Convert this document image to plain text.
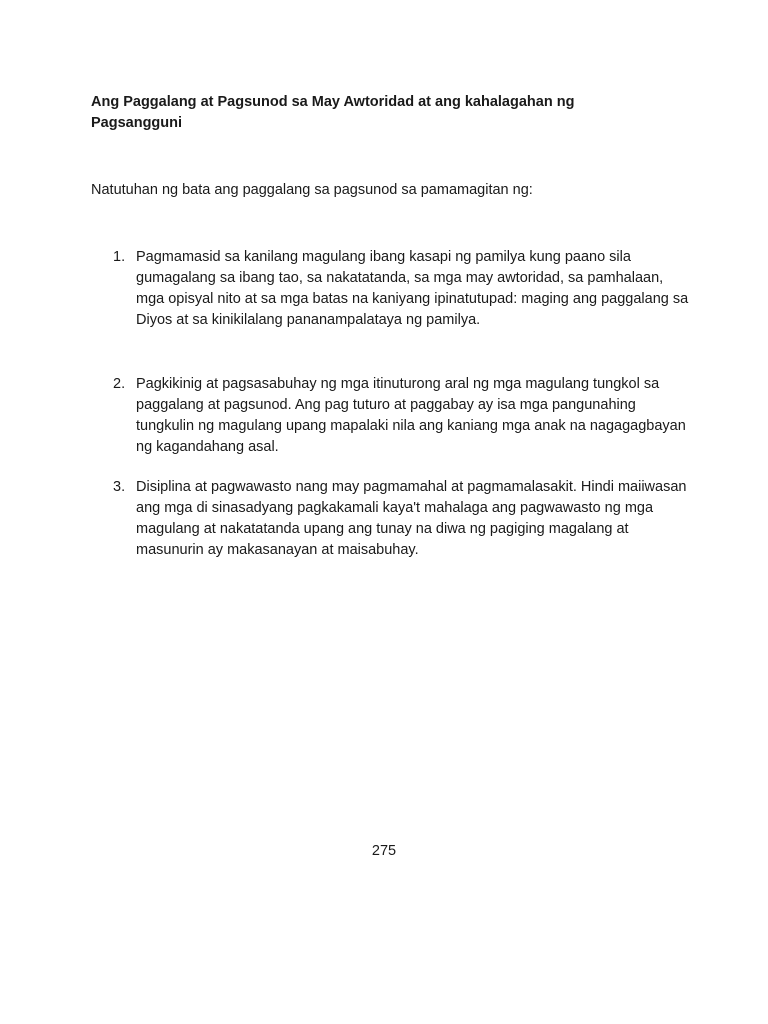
Ang Paggalang at Pagsunod sa May Awtoridad at ang kahalagahan ng Pagsangguni

Natutuhan ng bata ang paggalang sa pagsunod sa pamamagitan ng:

1. Pagmamasid sa kanilang magulang ibang kasapi ng pamilya kung paano sila gumagalang sa ibang tao, sa nakatatanda, sa mga may awtoridad, sa pamhalaan, mga opisyal nito at sa mga batas na kaniyang ipinatutupad: maging ang paggalang sa Diyos at sa kinikilalang pananampalataya ng pamilya.
2. Pagkikinig at pagsasabuhay ng mga itinuturong aral ng mga magulang tungkol sa paggalang at pagsunod. Ang pag tuturo at paggabay ay isa mga pangunahing tungkulin ng magulang upang mapalaki nila ang kaniang mga anak na nagagagbayan ng kagandahang asal.
3. Disiplina at pagwawasto nang may pagmamahal at pagmamalasakit. Hindi maiiwasan ang mga di sinasadyang pagkakamali kaya't mahalaga ang pagwawasto ng mga magulang at nakatatanda upang ang tunay na diwa ng pagiging magalang at masunurin ay makasanayan at maisabuhay.

275
